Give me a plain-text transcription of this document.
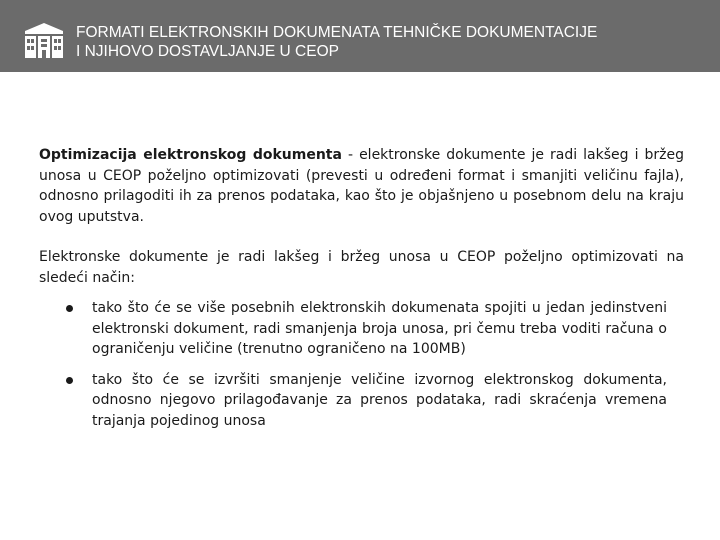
FORMATI ELEKTRONSKIH DOKUMENATA TEHNIČKE DOKUMENTACIJE
I NJIHOVO DOSTAVLJANJE U CEOP

Optimizacija elektronskog dokumenta - elektronske dokumente je radi lakšeg i bržeg unosa u CEOP poželjno optimizovati (prevesti u određeni format i smanjiti veličinu fajla), odnosno prilagoditi ih za prenos podataka, kao što je objašnjeno u posebnom delu na kraju ovog uputstva.

Elektronske dokumente je radi lakšeg i bržeg unosa u CEOP poželjno optimizovati na sledeći način:

tako što će se više posebnih elektronskih dokumenata spojiti u jedan jedinstveni elektronski dokument, radi smanjenja broja unosa, pri čemu treba voditi računa o ograničenju veličine (trenutno ograničeno na 100MB)
tako što će se izvršiti smanjenje veličine izvornog elektronskog dokumenta, odnosno njegovo prilagođavanje za prenos podataka, radi skraćenja vremena trajanja pojedinog unosa
